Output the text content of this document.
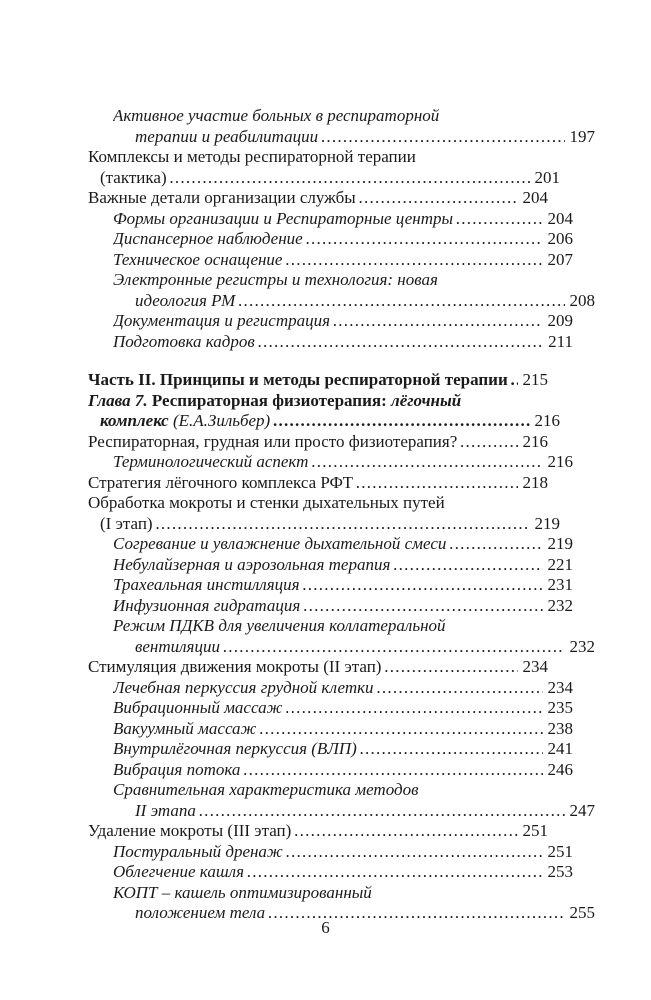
Активное участие больных в респираторной
терапии и реабилитации . . .	197
Комплексы и методы респираторной терапии
(тактика) . . .	201
Важные детали организации службы . . .	204
Формы организации и Респираторные центры . . .	204
Диспансерное наблюдение . . .	206
Техническое оснащение . . .	207
Электронные регистры и технология: новая
идеология РМ . . .	208
Документация и регистрация . . .	209
Подготовка кадров . . .	211
Часть II. Принципы и методы респираторной терапии . . . 215
Глава 7. Респираторная физиотерапия: лёгочный
комплекс (Е.А.Зильбер) . . .	216
Респираторная, грудная или просто физиотерапия? . . .	216
Терминологический аспект . . .	216
Стратегия лёгочного комплекса РФТ . . .	218
Обработка мокроты и стенки дыхательных путей
(I этап) . . .	219
Согревание и увлажнение дыхательной смеси . . .	219
Небулайзерная и аэрозольная терапия . . .	221
Трахеальная инстилляция . . .	231
Инфузионная гидратация . . .	232
Режим ПДКВ для увеличения коллатеральной
вентиляции . . .	232
Стимуляция движения мокроты (II этап) . . .	234
Лечебная перкуссия грудной клетки . . .	234
Вибрационный массаж . . .	235
Вакуумный массаж . . .	238
Внутрилёгочная перкуссия (ВЛП) . . .	241
Вибрация потока . . .	246
Сравнительная характеристика методов
II этапа . . .	247
Удаление мокроты (III этап) . . .	251
Постуральный дренаж . . .	251
Облегчение кашля . . .	253
КОПТ – кашель оптимизированный
положением тела . . .	255
6
